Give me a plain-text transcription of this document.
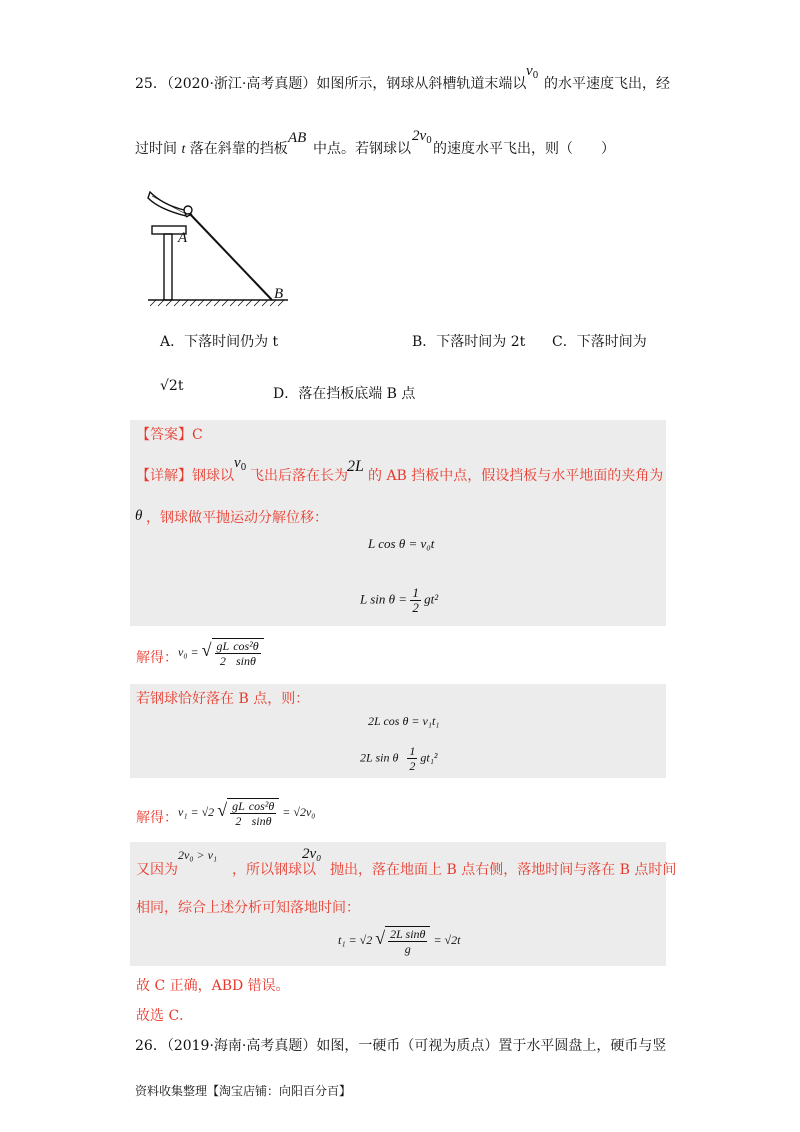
25．（2020·浙江·高考真题）如图所示，钢球从斜槽轨道末端以
$v_0$ 的水平速度飞出，经
过时间 t 落在斜靠的挡板
AB
中点。若钢球以
$2v_0$ 的速度水平飞出，则（　　）
A
B
A．下落时间仍为 t	B．下落时间为 2t C．下落时间为
√2t	D．落在挡板底端 B 点
【答案】C
【详解】钢球以
$v_0$ 飞出后落在长为
2L
的 AB 挡板中点，假设挡板与水平地面的夹角为
θ ，钢球做平抛运动分解位移：
L cos θ = v₀t
L $\sin \theta = \frac{1}{2} gt^2$
解得： v₀ = √ $\frac{gL}{2} \frac{\text{cos²θ}}{\sin\theta}$
若钢球恰好落在 B 点，则：
2L cos θ = v₁t₁
2L sin θ $\frac{1}{2} gt_1^2$
解得： v₁ = √2 √ $\frac{gL}{2} \frac{\text{cos²θ}}{\sin\theta} = √2v_0$
又因为
2v₀ > v₁
，所以钢球以
2v₀
抛出，落在地面上 B 点右侧，落地时间与落在 B 点时间
相同，综合上述分析可知落地时间：
t₁ = √2 √ $\frac{\text{2L sinθ}}{g} = √2t$
故 C 正确，ABD 错误。
故选 C．
26．（2019·海南·高考真题）如图，一硬币（可视为质点）置于水平圆盘上，硬币与竖
资料收集整理【淘宝店铺：向阳百分百】
